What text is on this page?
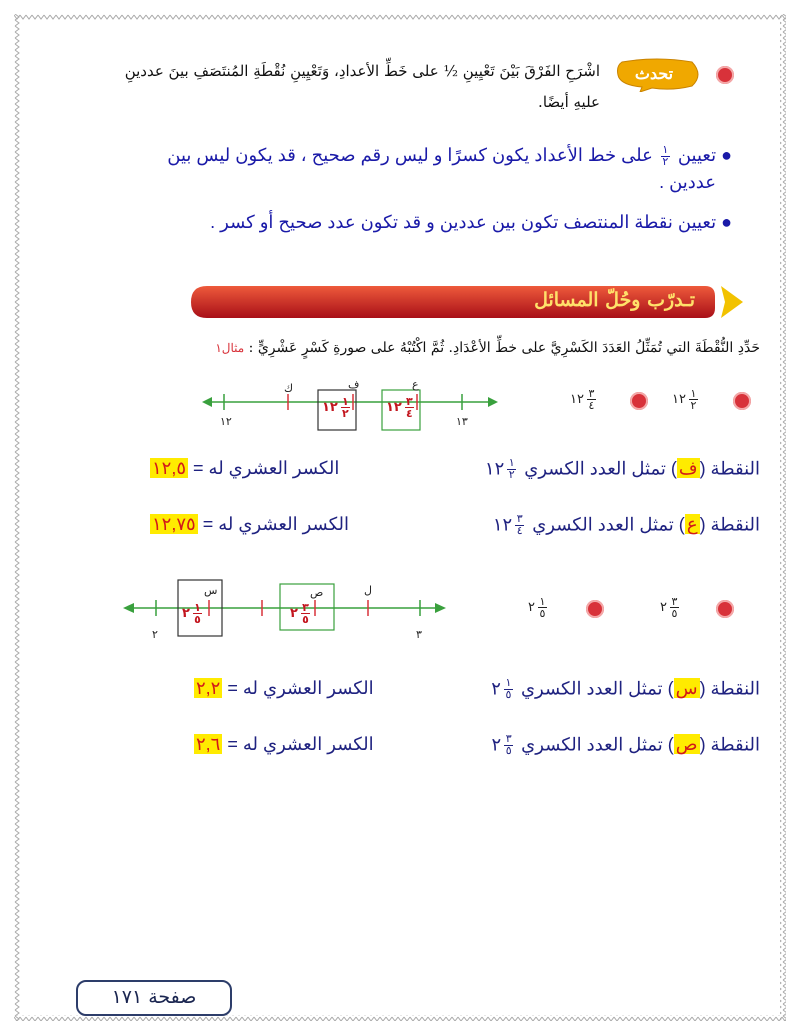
تحدث
اشْرَحِ الفَرْقَ بَيْنَ تَعْيِينِ ½ على خَطِّ الأعدادِ، وَتَعْيِينِ نُقْطَةِ المُنتَصَفِ بينَ عددينِ
عليهِ أيضًا.
● تعيين
$\frac{١}{٢}$
على خط الأعداد يكون كسرًا و ليس رقم صحيح ، قد يكون ليس بين
عددين .
● تعيين نقطة المنتصف تكون بين عددين و قد تكون عدد صحيح أو كسر .
تـدرّب وحُلّ المسائل
حَدِّدِ النُّقْطَةَ التي تُمَثِّلُ العَدَدَ الكَسْرِيَّ على خطِّ الأعْدَادِ. ثُمَّ اكْتُبْهُ على صورةِ كَسْرٍ عَشْرِيٍّ : مثال١
١٢	١٣
ك	ف	ع
١٢ $\frac{١}{٢}$	١٢ $\frac{٣}{٤}$	١٢ $\frac{١}{٢}$
١٢ $\frac{٣}{٤}$
النقطة (ف) تمثل العدد الكسري
$\frac{١}{٢}$
١٢
الكسر العشري له = ١٢,٥
النقطة (ع) تمثل العدد الكسري
$\frac{٣}{٤}$
١٢
الكسر العشري له = ١٢,٧٥
٢	٣
س	ص	ل
٢ $\frac{١}{٥}$	٢ $\frac{٣}{٥}$	٢ $\frac{٣}{٥}$
٢ $\frac{١}{٥}$
النقطة (س) تمثل العدد الكسري
$\frac{١}{٥}$
٢
الكسر العشري له = ٢,٢
النقطة (ص) تمثل العدد الكسري
$\frac{٣}{٥}$
٢
الكسر العشري له = ٢,٦
صفحة ١٧١
